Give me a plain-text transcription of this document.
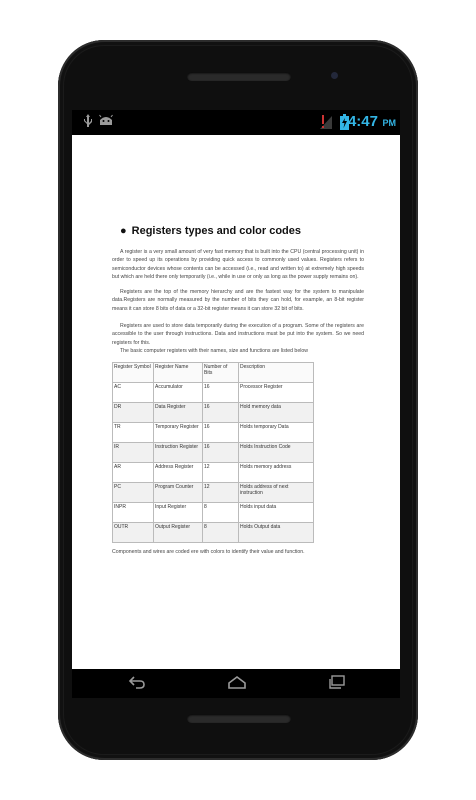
4:47 PM
● Registers types and color codes

A register is a very small amount of very fast memory that is built into the CPU (central processing unit) in order to speed up its operations by providing quick access to commonly used values. Registers refers to semiconductor devices whose contents can be accessed (i.e., read and written to) at extremely high speeds but which are held there only temporarily (i.e., while in use or only as long as the power supply remains on).

Registers are the top of the memory hierarchy and are the fastest way for the system to manipulate data.Registers are normally measured by the number of bits they can hold, for example, an 8-bit register means it can store 8 bits of data or a 32-bit register means it can store 32 bit of bits.

Registers are used to store data temporarily during the execution of a program. Some of the registers are accessible to the user through instructions. Data and instructions must be put into the system. So we need registers for this.

The basic computer registers with their names, size and functions are listed below

Register Symbol	Register Name	Number of Bits	Description
AC	Accumulator	16	Processor Register
DR	Data Register	16	Hold memory data
TR	Temporary Register	16	Holds temporary Data
IR	Instruction Register	16	Holds Instruction Code
AR	Address Register	12	Holds memory address
PC	Program Counter	12	Holds address of next instruction
INPR	Input Register	8	Holds input data
OUTR	Output Register	8	Holds Output data

Components and wires are coded ere with colors to identify their value and function.
